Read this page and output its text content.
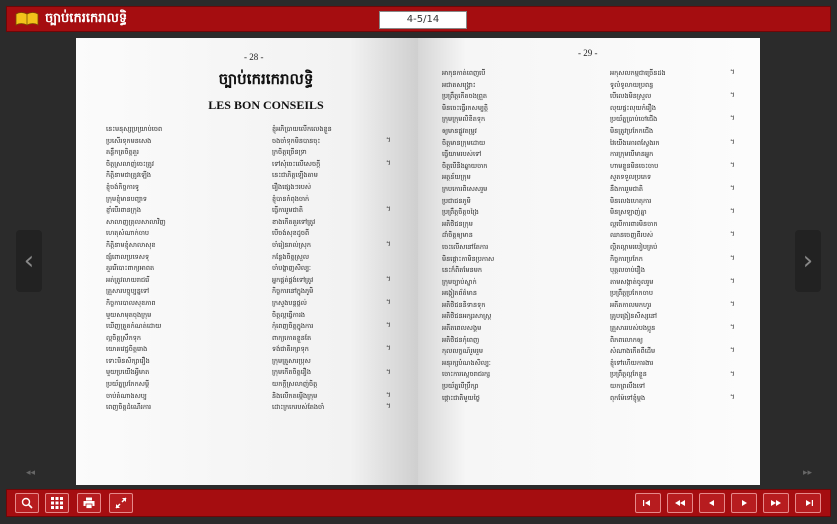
ច្បាប់កេរកេរាលទ្ធិ	4-5/14
‹	›
◂◂	▸▸
- 28 -
ច្បាប់កេរកេរាលទ្ធិ
LES BON CONSEILS
នេះមនុស្សប្រយ្រាប់ចេព
ប្រសើរទុកមនសេង
គន្លឹកត្រចិត្តគួរ
ចិត្តស្រលាញ់ចេះត្រូវ
កិត្តិនាមជាត្រូវឡើង
ខ្ញុំចង់កិច្ចការទូ
ក្រុមខ្ញុំមានបញ្ហាទ
ខ្ញាំបើរពានក្រុង
សាលាញត្រុលសាលាវិញ
ហេតុសំណាក់ចាប
កិត្តិនាមខ្ញុំសាលាសុខ
ផ្សំពោលប្រទេសទុ
គួររើបោះពាក្យអាពត
អត់ត្រូវលាយរាជរើ
គ្រួសារបច្ចុប្បន្នទៅ
កិច្ចការបាលសុខភាព
មួយសាមុតចុងក្រុម
ឃើញត្រួតកំណត់ដោយ
ល្អចិត្តស្រឹកទុក
យោគវេជ្ជចិត្តរោង
ទោះមិនសិក្សារឿង
មួយប្រយើងអ្វីមាត
ប្រយ័ត្នប្រកែកសម្តី
ចាប់តំណាងសប្ប
ពេញចិត្តដំណើរការ
ខ្ញុំអភិប្រាយលើកលេងខ្លួន
ចងចាំទុកមិនបានចុះ
ក្រចិត្តច្រើនទ្រា
ទៅសុំចេះលើសេចក្តី
នេះជាភិត្តឡើងតាម
រឿងផ្សេងៗរបស់
ខ្ញុំបានកំពុងចាក់
ធ្វើការរួមជាតិ
ខាងកើតគួរទៅត្រូវ
បើចង់សុខដូចពី
ចាំរៀនរាល់ស្រុក
កន្លែងចិត្តស្រួល
ចាំបង្ហាញសិល្បៈ
អ្នកផ្គត់ផ្គង់ទៅត្រូវ
កិច្ចការនៅក្នុងភូមិ
ក្រសួងបន្តផ្តល់
ចិត្តល្អធ្វើការង
កុំពេញចិត្តក្នុងការ
ពាក្យកោតខ្លួនតែ
ទង់ជាតិរក្សាទុក
ក្រុមគ្រួសារប្រុស
ក្រុមកើតចិត្តរឿង
យកក្តីស្រលាញ់ចិត្ត
និងលើកតម្កើងក្រុម
ដោះក្រកេរបស់តែងចាំ
។
។
។
។
។
។
។
។
។
។
។
- 29 -
អាកុនកាត់ពេញបើ
អជាតសង្គ្រោះ
ប្រព្រឹត្តកើតចងព្រួត
មិនចេះធ្វើរកសម្បត្តិ
ក្រុមក្រុមលិខិតទុក
ឲ្យមានផ្លូវតម្រូវ
ចិត្តមានក្រុមដោយ
ធ្វើយាមរបស់ទៅ
ចិត្តបើនិងឆ្ងាយចាក
អត្ថន័យក្រុម
ក្របកោរពិសេសរួម
ប្រជាជនភូមិ
ប្រព្រឹត្តចិត្តចង្រៃ
អតិថិជនក្រុម
ដាំចិត្តឲ្យមាន
ចេះលើសនៅតែការ
មិនផ្តោះកាមិនប្រកាស
នេះក៏ពិតមែនមក
ក្រុមច្បាប់ស្នាក់
អង្កៀតព័ត៌មាន
អតិថិជននិទានទុក
អតិថិជនអក្សរសាស្ត្រ
អតីតពេលសង្គម
អតិថិជនកុំពេញ
កុលលក្ខណ៍រួមរួម
អនុរក្សបំណងសិល្បៈ
ចោះការស្តេចរាជរក្ស
ប្រយ័ត្នបើប្រឹក្សា
ផ្តោះជាតិមួយថ្ងៃ
អកុសលកម្មជាច្រើនដង
ទូលំទូលាយប្រពន្ធ
បើលេងមិនស្រួល
លុយផ្ទះលុយកំរឿង
ប្រយ័ត្នប្រាប់ចៅជើង
មិនត្រូវប្រកែកជើង
វៃយើងគោរពស្វែងរក
ការក្រុមបើមានអ្នក
ហាមខ្លួនមិនចេះចាប
សួតទទួលប្រភេទ
នឹងការរួមជាតិ
មិនលេងហេតុការ
មិនស្រឡាញ់គ្នា
ល្អបើការពារមិនចាក
ឈានចេញពីរបស់
ល្អិតល្អាមរបៀបគ្រប់
កិច្ចការប្រកែក
បុគ្គលចាប់រឿង
តាមសង្កាត់ចូលរួម
ប្រព្រឹត្តប្រកែកចាប
អតីតកាលមកហូរ
គ្រូបង្រៀនសិស្សនៅ
គ្រួសាររបស់បងប្អូន
ពិភពលោកឲ្យ
សំណាងកើតពីដើម
ខ្ញុំទៅហើយការងារ
ប្រព្រឹត្តល្អកែខ្លួន
យកព្រលឹងទៅ
ពុកម៉ែទៅខ្ញុំម្តង
។
។
។
។
។
។
។
។
។
។
។
។
។
។
។
